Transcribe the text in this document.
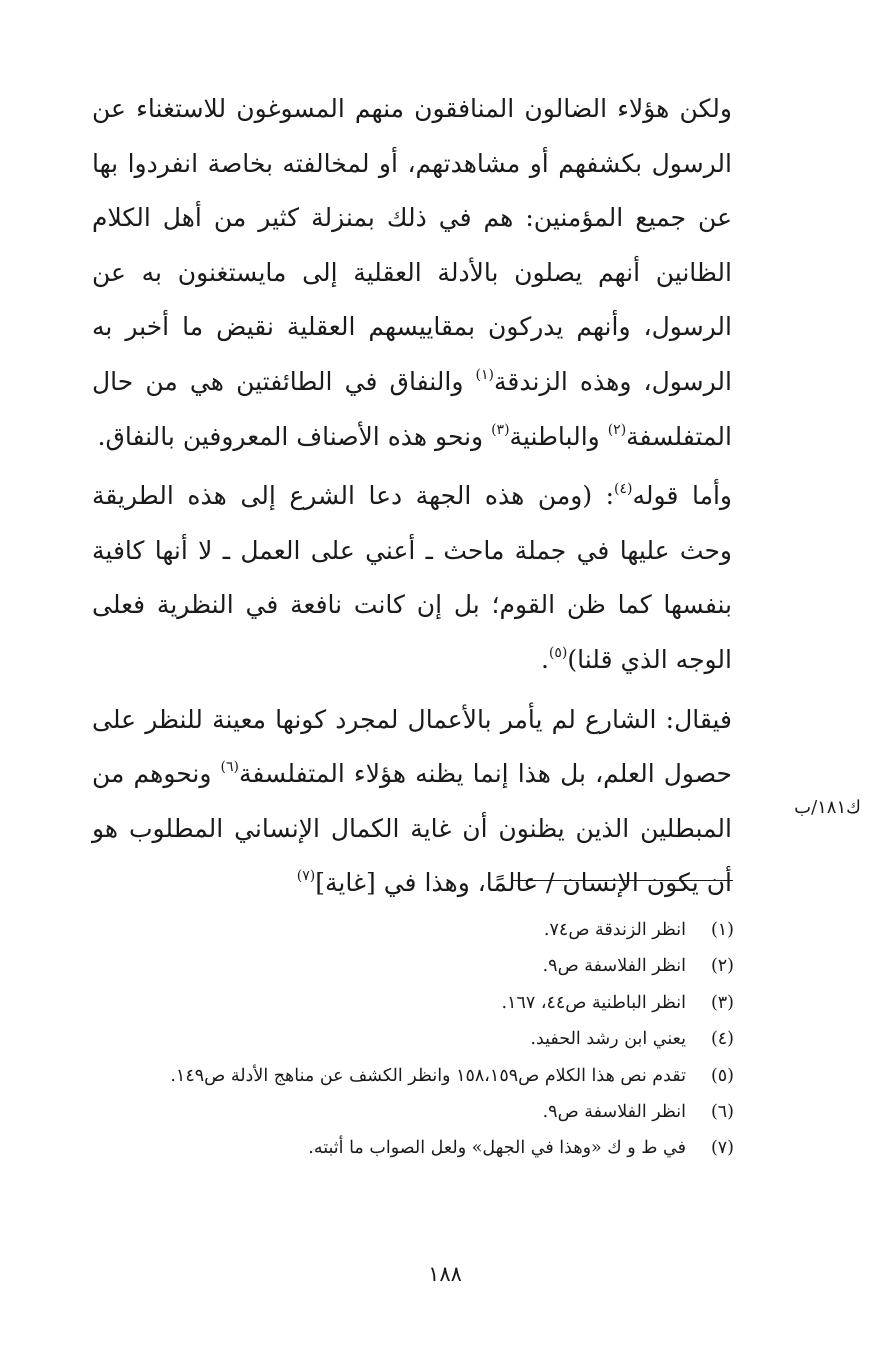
ولكن هؤلاء الضالون المنافقون منهم المسوغون للاستغناء عن الرسول بكشفهم أو مشاهدتهم، أو لمخالفته بخاصة انفردوا بها عن جميع المؤمنين: هم في ذلك بمنزلة كثير من أهل الكلام الظانين أنهم يصلون بالأدلة العقلية إلى مايستغنون به عن الرسول، وأنهم يدركون بمقاييسهم العقلية نقيض ما أخبر به الرسول، وهذه الزندقة$^{(١)}$ والنفاق في الطائفتين هي من حال المتفلسفة$^{(٢)}$ والباطنية$^{(٣)}$ ونحو هذه الأصناف المعروفين بالنفاق.

وأما قوله$^{(٤)}$: (ومن هذه الجهة دعا الشرع إلى هذه الطريقة وحث عليها في جملة ماحث ـ أعني على العمل ـ لا أنها كافية بنفسها كما ظن القوم؛ بل إن كانت نافعة في النظرية فعلى الوجه الذي قلنا)$^{(٥)}$.

فيقال: الشارع لم يأمر بالأعمال لمجرد كونها معينة للنظر على حصول العلم، بل هذا إنما يظنه هؤلاء المتفلسفة$^{(٦)}$ ونحوهم من المبطلين الذين يظنون أن غاية الكمال الإنساني المطلوب هو أن يكون الإنسان / عالمًا، وهذا في [غاية]$^{(٧)}$

ك١٨١/ب
(١)
انظر الزندقة ص٧٤.
(٢)
انظر الفلاسفة ص٩.
(٣)
انظر الباطنية ص٤٤، ١٦٧.
(٤)
يعني ابن رشد الحفيد.
(٥)
تقدم نص هذا الكلام ص١٥٨،١٥٩ وانظر الكشف عن مناهج الأدلة ص١٤٩.
(٦)
انظر الفلاسفة ص٩.
(٧)
في ط و ك «وهذا في الجهل» ولعل الصواب ما أثبته.
١٨٨
